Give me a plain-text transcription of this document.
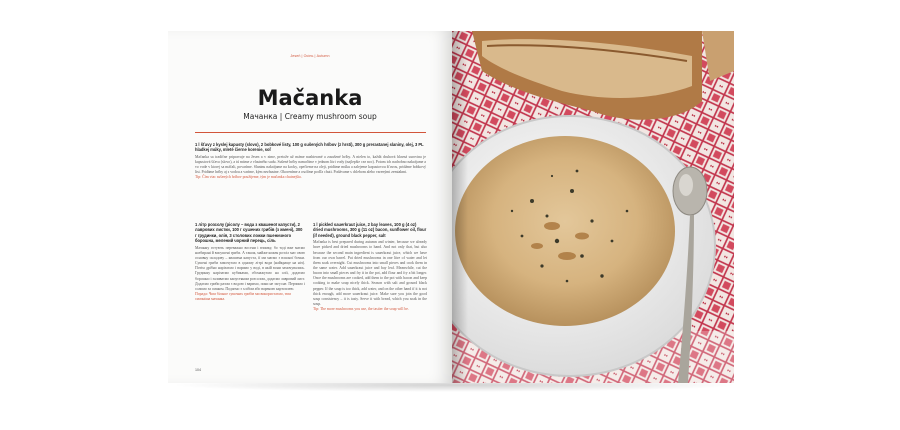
Jeseň | Осінь | Autumn
Mačanka
Мачанка | Creamy mushroom soup
1 l šťavy z kyslej kapusty (slovo), 2 bobkové listy, 100 g sušených hríbov (z hrstí), 300 g prerastanej slaniny, olej, 3 PL hladkej múky, mleté čierne korenie, soľ
Mačanka sa tradične pripravuje na Jesen a v zime, pretože už máme nazbierané a zasušené hríby. A nielen to, každá druhová hlavná surovina je kapustová šťava (slovo), a tú máme z vlastného sudu. Sušené hríby namočíme v jednom litri vody (najlepšie cez noc). Potom ich nadrobno nakrájame a vo vode v ktorej sa máčali, povaríme. Slaninu nakrájame na kocky, opečieme na oleji, pridáme múku a zalejeme kapustovou šťavou, pridáme bobkový list. Pridáme hríby aj s vodou a varíme, kým nezhustne. Okoreníme a osolíme podľa chuti. Podávame s chlebom alebo varenými zemiakmi.
Tip: Čím viac sušených hríbov použijeme, tým je mačanka chutnejšia.
1 літр розсолу (рісолу – вода з квашеної капусти), 2 лаврових листки, 100 г сушених грибів (з жмені), 300 г грудинки, олія, 3 столових ложки пшеничного борошна, мелений чорний перець, сіль
Мачанку готують переважно восени і взимку, бо тоді вже маємо назбирані й висушені гриби. А також, майже кожен розсіл має свою основну складову – квашена капуста, її ми маємо з власної бочки. Сушені гриби замочуємо в одному літрі води (найкраще на ніч). Потім дрібно нарізаємо і варимо у воді, в якій вони замочувались. Грудинку нарізаємо кубиками, обсмажуємо на олії, додаємо борошно і заливаємо капустяним розсолом, додаємо лавровий лист. Додаємо гриби разом з водою і варимо, поки не загусне. Перчимо і солимо за смаком. Подаємо з хлібом або вареною картоплею.
Порада: Чим більше сушених грибів ми використаємо, тим смачніша мачанка.
1 l pickled sauerkraut juice, 2 bay leaves, 100 g (4 oz) dried mushrooms, 300 g (11 oz) bacon, sunflower oil, flour (if needed), ground black pepper, salt
Mačanka is best prepared during autumn and winter, because we already have picked and dried mushrooms to hand. And not only that, but also because the second main ingredient is sauerkraut juice, which we have from our own barrel. Put dried mushrooms in one litre of water and let them soak overnight. Cut mushrooms into small pieces and cook them in the same water. Add sauerkraut juice and bay leaf. Meanwhile, cut the bacon into small pieces and fry it in the pot, add flour and fry a bit longer. Once the mushrooms are cooked, add them to the pot with bacon and keep cooking to make soup nicely thick. Season with salt and ground black pepper. If the soup is too thick, add water, and on the other hand if it is not thick enough, add more sauerkraut juice. Make sure you join the good soup consistency – it is tasty. Serve it with bread, which you soak in the soup.
Tip: The more mushrooms you use, the tastier the soup will be.
104
